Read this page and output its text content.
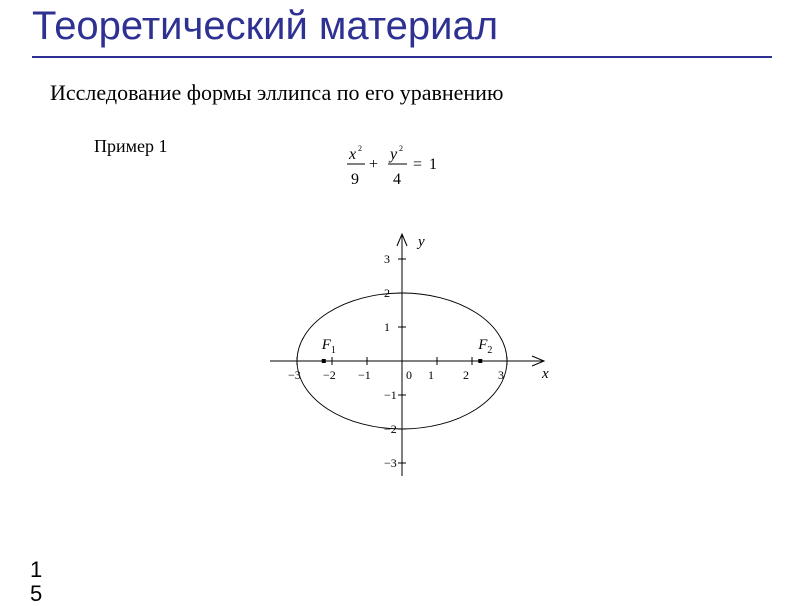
Теоретический материал
Исследование формы эллипса по его уравнению
Пример 1	x 2
9
+
y 2
4
= 1
x
y
−3 −2 −1	0 1 2 3
3
2
1
−1
−2
−3
$F_1$	$F_2$
15
